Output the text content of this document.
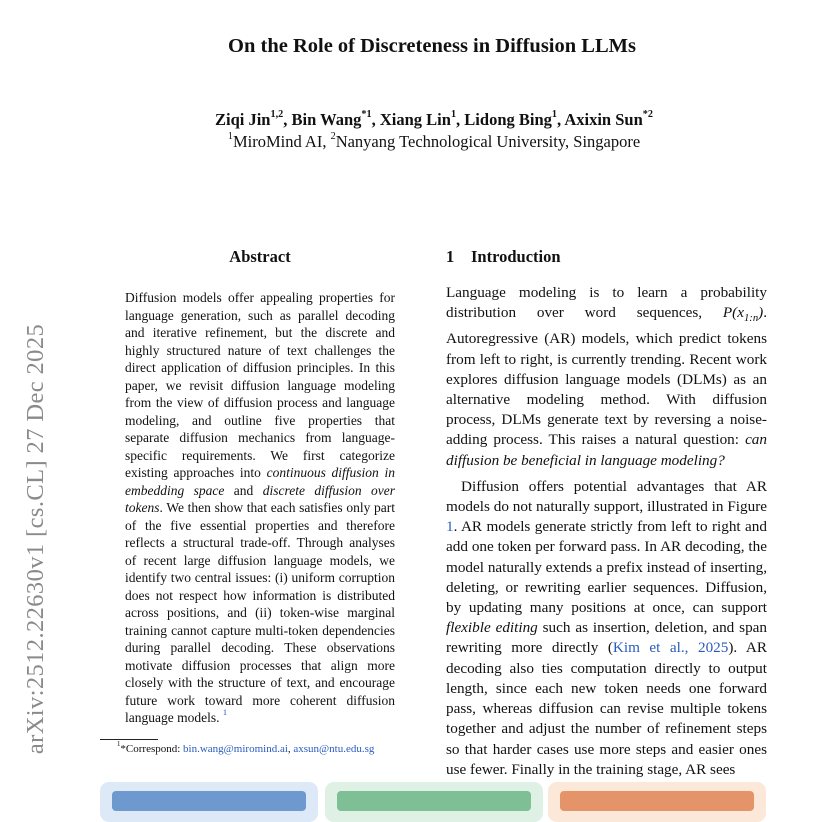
arXiv:2512.22630v1 [cs.CL] 27 Dec 2025
On the Role of Discreteness in Diffusion LLMs
Ziqi Jin$^{1,2}$, Bin Wang$^{*1}$, Xiang Lin$^1$, Lidong Bing$^1$, Axixin Sun$^{*2}$
$^1$MiroMind AI, $^2$Nanyang Technological University, Singapore
Abstract

Diffusion models offer appealing properties for language generation, such as parallel decoding and iterative refinement, but the discrete and highly structured nature of text challenges the direct application of diffusion principles. In this paper, we revisit diffusion language modeling from the view of diffusion process and language modeling, and outline five properties that separate diffusion mechanics from language-specific requirements. We first categorize existing approaches into continuous diffusion in embedding space and discrete diffusion over tokens. We then show that each satisfies only part of the five essential properties and therefore reflects a structural trade-off. Through analyses of recent large diffusion language models, we identify two central issues: (i) uniform corruption does not respect how information is distributed across positions, and (ii) token-wise marginal training cannot capture multi-token dependencies during parallel decoding. These observations motivate diffusion processes that align more closely with the structure of text, and encourage future work toward more coherent diffusion language models. $^1$

$^1$*Correspond: bin.wang@miromind.ai, axsun@ntu.edu.sg
1 Introduction

Language modeling is to learn a probability distribution over word sequences, $P(x_{1:n})$. Autoregressive (AR) models, which predict tokens from left to right, is currently trending. Recent work explores diffusion language models (DLMs) as an alternative modeling method. With diffusion process, DLMs generate text by reversing a noise-adding process. This raises a natural question: can diffusion be beneficial in language modeling?

Diffusion offers potential advantages that AR models do not naturally support, illustrated in Figure 1. AR models generate strictly from left to right and add one token per forward pass. In AR decoding, the model naturally extends a prefix instead of inserting, deleting, or rewriting earlier sequences. Diffusion, by updating many positions at once, can support flexible editing such as insertion, deletion, and span rewriting more directly (Kim et al., 2025). AR decoding also ties computation directly to output length, since each new token needs one forward pass, whereas diffusion can revise multiple tokens together and adjust the number of refinement steps so that harder cases use more steps and easier ones use fewer. Finally in the training stage, AR sees
